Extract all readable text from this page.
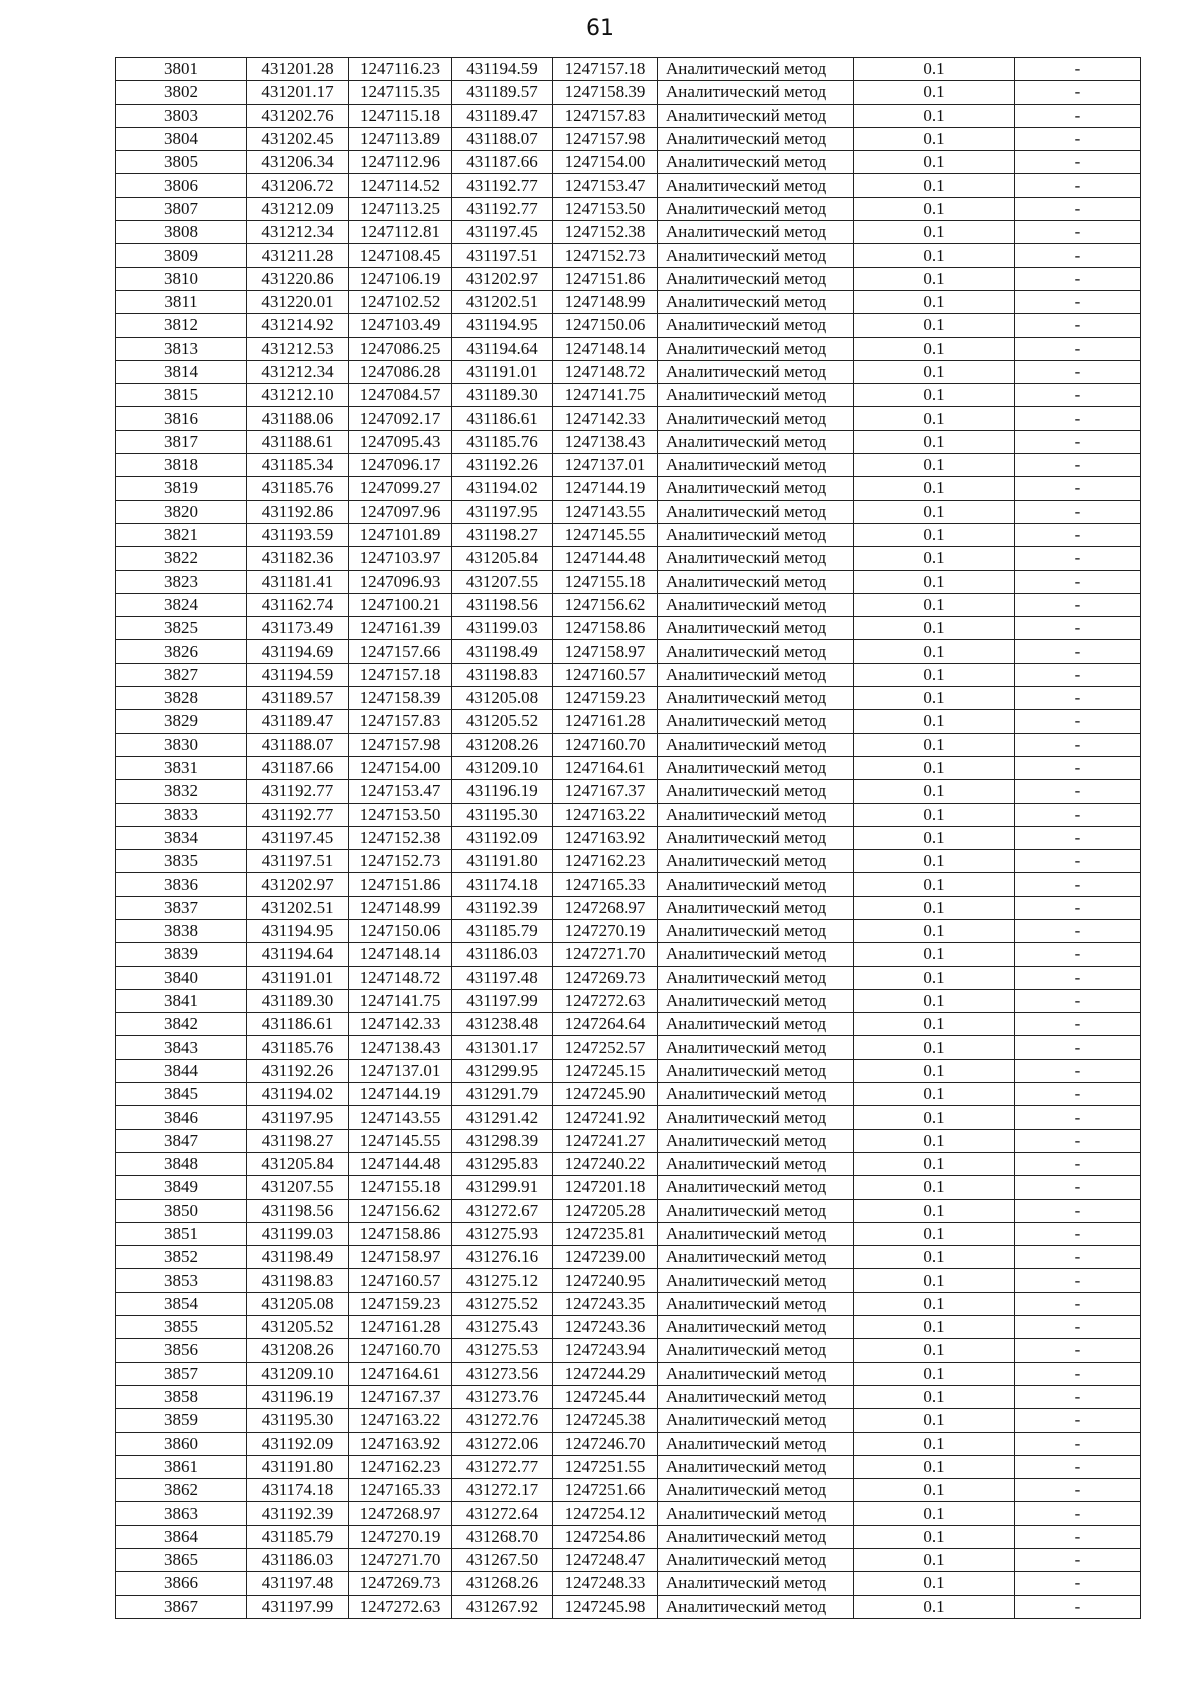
61
3801	431201.28	1247116.23	431194.59	1247157.18	Аналитический метод	0.1	-
3802	431201.17	1247115.35	431189.57	1247158.39	Аналитический метод	0.1	-
3803	431202.76	1247115.18	431189.47	1247157.83	Аналитический метод	0.1	-
3804	431202.45	1247113.89	431188.07	1247157.98	Аналитический метод	0.1	-
3805	431206.34	1247112.96	431187.66	1247154.00	Аналитический метод	0.1	-
3806	431206.72	1247114.52	431192.77	1247153.47	Аналитический метод	0.1	-
3807	431212.09	1247113.25	431192.77	1247153.50	Аналитический метод	0.1	-
3808	431212.34	1247112.81	431197.45	1247152.38	Аналитический метод	0.1	-
3809	431211.28	1247108.45	431197.51	1247152.73	Аналитический метод	0.1	-
3810	431220.86	1247106.19	431202.97	1247151.86	Аналитический метод	0.1	-
3811	431220.01	1247102.52	431202.51	1247148.99	Аналитический метод	0.1	-
3812	431214.92	1247103.49	431194.95	1247150.06	Аналитический метод	0.1	-
3813	431212.53	1247086.25	431194.64	1247148.14	Аналитический метод	0.1	-
3814	431212.34	1247086.28	431191.01	1247148.72	Аналитический метод	0.1	-
3815	431212.10	1247084.57	431189.30	1247141.75	Аналитический метод	0.1	-
3816	431188.06	1247092.17	431186.61	1247142.33	Аналитический метод	0.1	-
3817	431188.61	1247095.43	431185.76	1247138.43	Аналитический метод	0.1	-
3818	431185.34	1247096.17	431192.26	1247137.01	Аналитический метод	0.1	-
3819	431185.76	1247099.27	431194.02	1247144.19	Аналитический метод	0.1	-
3820	431192.86	1247097.96	431197.95	1247143.55	Аналитический метод	0.1	-
3821	431193.59	1247101.89	431198.27	1247145.55	Аналитический метод	0.1	-
3822	431182.36	1247103.97	431205.84	1247144.48	Аналитический метод	0.1	-
3823	431181.41	1247096.93	431207.55	1247155.18	Аналитический метод	0.1	-
3824	431162.74	1247100.21	431198.56	1247156.62	Аналитический метод	0.1	-
3825	431173.49	1247161.39	431199.03	1247158.86	Аналитический метод	0.1	-
3826	431194.69	1247157.66	431198.49	1247158.97	Аналитический метод	0.1	-
3827	431194.59	1247157.18	431198.83	1247160.57	Аналитический метод	0.1	-
3828	431189.57	1247158.39	431205.08	1247159.23	Аналитический метод	0.1	-
3829	431189.47	1247157.83	431205.52	1247161.28	Аналитический метод	0.1	-
3830	431188.07	1247157.98	431208.26	1247160.70	Аналитический метод	0.1	-
3831	431187.66	1247154.00	431209.10	1247164.61	Аналитический метод	0.1	-
3832	431192.77	1247153.47	431196.19	1247167.37	Аналитический метод	0.1	-
3833	431192.77	1247153.50	431195.30	1247163.22	Аналитический метод	0.1	-
3834	431197.45	1247152.38	431192.09	1247163.92	Аналитический метод	0.1	-
3835	431197.51	1247152.73	431191.80	1247162.23	Аналитический метод	0.1	-
3836	431202.97	1247151.86	431174.18	1247165.33	Аналитический метод	0.1	-
3837	431202.51	1247148.99	431192.39	1247268.97	Аналитический метод	0.1	-
3838	431194.95	1247150.06	431185.79	1247270.19	Аналитический метод	0.1	-
3839	431194.64	1247148.14	431186.03	1247271.70	Аналитический метод	0.1	-
3840	431191.01	1247148.72	431197.48	1247269.73	Аналитический метод	0.1	-
3841	431189.30	1247141.75	431197.99	1247272.63	Аналитический метод	0.1	-
3842	431186.61	1247142.33	431238.48	1247264.64	Аналитический метод	0.1	-
3843	431185.76	1247138.43	431301.17	1247252.57	Аналитический метод	0.1	-
3844	431192.26	1247137.01	431299.95	1247245.15	Аналитический метод	0.1	-
3845	431194.02	1247144.19	431291.79	1247245.90	Аналитический метод	0.1	-
3846	431197.95	1247143.55	431291.42	1247241.92	Аналитический метод	0.1	-
3847	431198.27	1247145.55	431298.39	1247241.27	Аналитический метод	0.1	-
3848	431205.84	1247144.48	431295.83	1247240.22	Аналитический метод	0.1	-
3849	431207.55	1247155.18	431299.91	1247201.18	Аналитический метод	0.1	-
3850	431198.56	1247156.62	431272.67	1247205.28	Аналитический метод	0.1	-
3851	431199.03	1247158.86	431275.93	1247235.81	Аналитический метод	0.1	-
3852	431198.49	1247158.97	431276.16	1247239.00	Аналитический метод	0.1	-
3853	431198.83	1247160.57	431275.12	1247240.95	Аналитический метод	0.1	-
3854	431205.08	1247159.23	431275.52	1247243.35	Аналитический метод	0.1	-
3855	431205.52	1247161.28	431275.43	1247243.36	Аналитический метод	0.1	-
3856	431208.26	1247160.70	431275.53	1247243.94	Аналитический метод	0.1	-
3857	431209.10	1247164.61	431273.56	1247244.29	Аналитический метод	0.1	-
3858	431196.19	1247167.37	431273.76	1247245.44	Аналитический метод	0.1	-
3859	431195.30	1247163.22	431272.76	1247245.38	Аналитический метод	0.1	-
3860	431192.09	1247163.92	431272.06	1247246.70	Аналитический метод	0.1	-
3861	431191.80	1247162.23	431272.77	1247251.55	Аналитический метод	0.1	-
3862	431174.18	1247165.33	431272.17	1247251.66	Аналитический метод	0.1	-
3863	431192.39	1247268.97	431272.64	1247254.12	Аналитический метод	0.1	-
3864	431185.79	1247270.19	431268.70	1247254.86	Аналитический метод	0.1	-
3865	431186.03	1247271.70	431267.50	1247248.47	Аналитический метод	0.1	-
3866	431197.48	1247269.73	431268.26	1247248.33	Аналитический метод	0.1	-
3867	431197.99	1247272.63	431267.92	1247245.98	Аналитический метод	0.1	-
